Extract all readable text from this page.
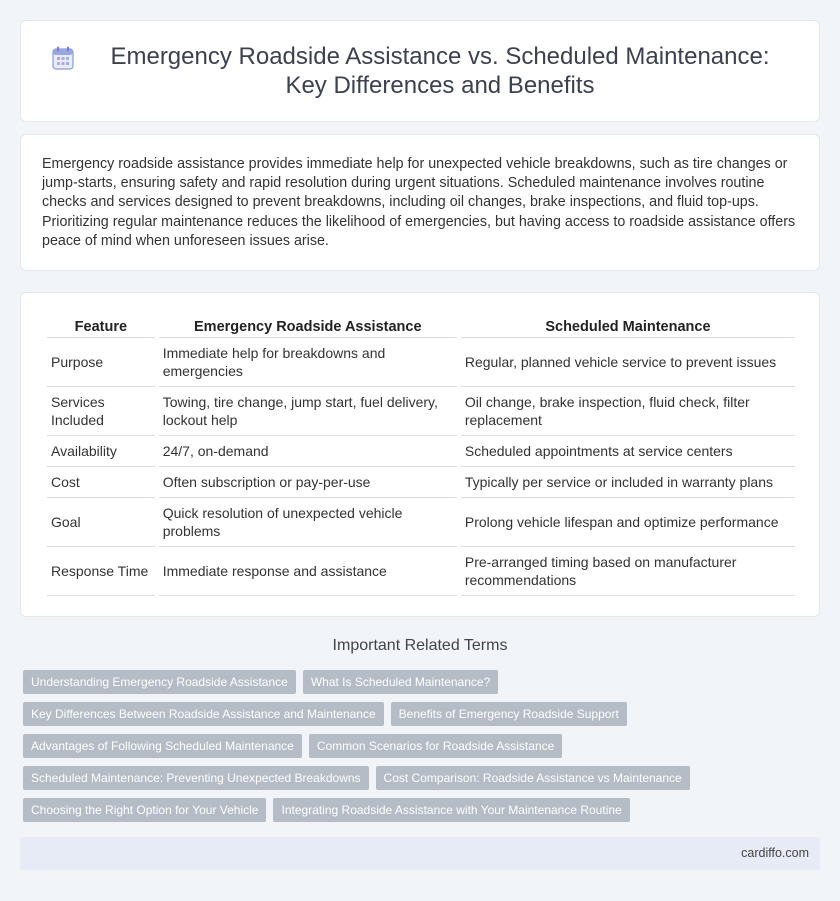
Emergency Roadside Assistance vs. Scheduled Maintenance: Key Differences and Benefits

Emergency roadside assistance provides immediate help for unexpected vehicle breakdowns, such as tire changes or jump-starts, ensuring safety and rapid resolution during urgent situations. Scheduled maintenance involves routine checks and services designed to prevent breakdowns, including oil changes, brake inspections, and fluid top-ups. Prioritizing regular maintenance reduces the likelihood of emergencies, but having access to roadside assistance offers peace of mind when unforeseen issues arise.

Feature	Emergency Roadside Assistance	Scheduled Maintenance
Purpose	Immediate help for breakdowns and emergencies	Regular, planned vehicle service to prevent issues
Services Included	Towing, tire change, jump start, fuel delivery, lockout help	Oil change, brake inspection, fluid check, filter replacement
Availability	24/7, on-demand	Scheduled appointments at service centers
Cost	Often subscription or pay-per-use	Typically per service or included in warranty plans
Goal	Quick resolution of unexpected vehicle problems	Prolong vehicle lifespan and optimize performance
Response Time	Immediate response and assistance	Pre-arranged timing based on manufacturer recommendations
Important Related Terms
Understanding Emergency Roadside Assistance	What Is Scheduled Maintenance?
Key Differences Between Roadside Assistance and Maintenance	Benefits of Emergency Roadside Support
Advantages of Following Scheduled Maintenance	Common Scenarios for Roadside Assistance
Scheduled Maintenance: Preventing Unexpected Breakdowns	Cost Comparison: Roadside Assistance vs Maintenance
Choosing the Right Option for Your Vehicle	Integrating Roadside Assistance with Your Maintenance Routine
cardiffo.com
